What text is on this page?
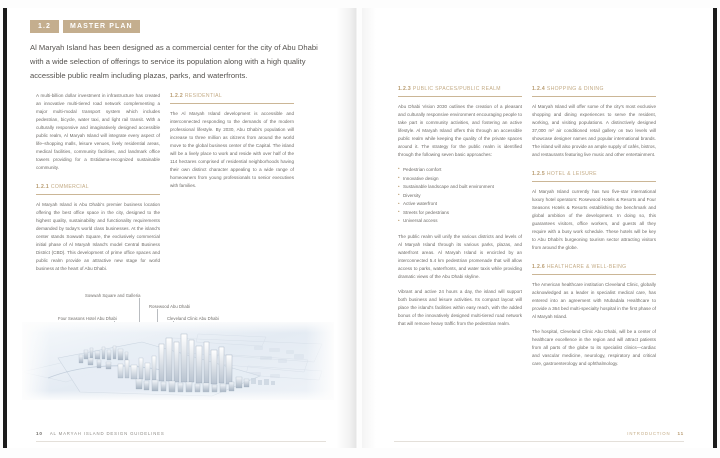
1.2	MASTER PLAN
Al Maryah Island has been designed as a commercial center for the city of Abu Dhabi with a wide selection of offerings to service its population along with a high quality accessible public realm including plazas, parks, and waterfronts.

A multi-billion dollar investment in infrastructure has created an innovative multi-tiered road network complementing a major multi-modal transport system which includes pedestrian, bicycle, water taxi, and light rail transit. With a culturally responsive and imaginatively designed accessible public realm, Al Maryah Island will integrate every aspect of life–shopping malls, leisure venues, lively residential areas, medical facilities, community facilities, and landmark office towers providing for a Estidama-recognized sustainable community.

1.2.1 COMMERCIAL

Al Maryah Island is Abu Dhabi's premier business location offering the best office space in the city, designed to the highest quality, sustainability and functionality requirements demanded by today's world class businesses. At the island's center stands Sowwah Square, the exclusively commercial initial phase of Al Maryah Island's model Central Business District (CBD). This development of prime office spaces and public realm provide an attractive new stage for world business at the heart of Abu Dhabi.

1.2.2 RESIDENTIAL

The Al Maryah Island development is accessible and interconnected responding to the demands of the modern professional lifestyle. By 2030, Abu Dhabi's population will increase to three million as citizens from around the world move to the global business center of the Capital. The island will be a lively place to work and reside with over half of the 114 hectares comprised of residential neighborhoods having their own distinct character appealing to a wide range of homeowners from young professionals to senior executives with families.

Four Seasons Hotel Abu Dhabi
Sowwah Square and Galleria
Rosewood Abu Dhabi
Cleveland Clinic Abu Dhabi
1.2.3 PUBLIC SPACES/PUBLIC REALM

Abu Dhabi Vision 2030 outlines the creation of a pleasant and culturally responsive environment encouraging people to take part in community activities, and fostering an active lifestyle. Al Maryah Island offers this through an accessible public realm while keeping the quality of the private spaces around it. The strategy for the public realm is identified through the following seven basic approaches:

• Pedestrian comfort
• Innovative design
• Sustainable landscape and built environment
• Diversity
• Active waterfront
• Streets for pedestrians
• Universal access

The public realm will unify the various districts and levels of Al Maryah Island through its various parks, plazas, and waterfront areas. Al Maryah Island is encircled by an interconnected 5.4 km pedestrian promenade that will allow access to parks, waterfronts, and water taxis while providing dramatic views of the Abu Dhabi skyline.

Vibrant and active 24 hours a day, the island will support both business and leisure activities. Its compact layout will place the island's facilities within easy reach, with the added bonus of the innovatively designed multi-tiered road network that will remove heavy traffic from the pedestrian realm.

1.2.4 SHOPPING & DINING

Al Maryah Island will offer some of the city's most exclusive shopping and dining experiences to serve the resident, working, and visiting populations. A distinctively designed 37,000 m² air conditioned retail gallery on two levels will showcase designer names and popular international brands. The island will also provide an ample supply of cafés, bistros, and restaurants featuring live music and other entertainment.

1.2.5 HOTEL & LEISURE

Al Maryah Island currently has two five-star international luxury hotel operators: Rosewood Hotels & Resorts and Four Seasons Hotels & Resorts establishing the benchmark and global ambition of the development. In doing so, this guarantees visitors, office workers, and guests all they require with a busy work schedule. These hotels will be key to Abu Dhabi's burgeoning tourism sector attracting visitors from around the globe.

1.2.6 HEALTHCARE & WELL-BEING

The American healthcare institution Cleveland Clinic, globally acknowledged as a leader in specialist medical care, has entered into an agreement with Mubadala Healthcare to provide a 364 bed multi-specialty hospital in the first phase of Al Maryah Island.

The hospital, Cleveland Clinic Abu Dhabi, will be a center of healthcare excellence in the region and will attract patients from all parts of the globe to its specialist clinics—cardiac and vascular medicine, neurology, respiratory and critical care, gastroenterology and ophthalmology.

10 AL MARYAH ISLAND DESIGN GUIDELINES	INTRODUCTION 11
